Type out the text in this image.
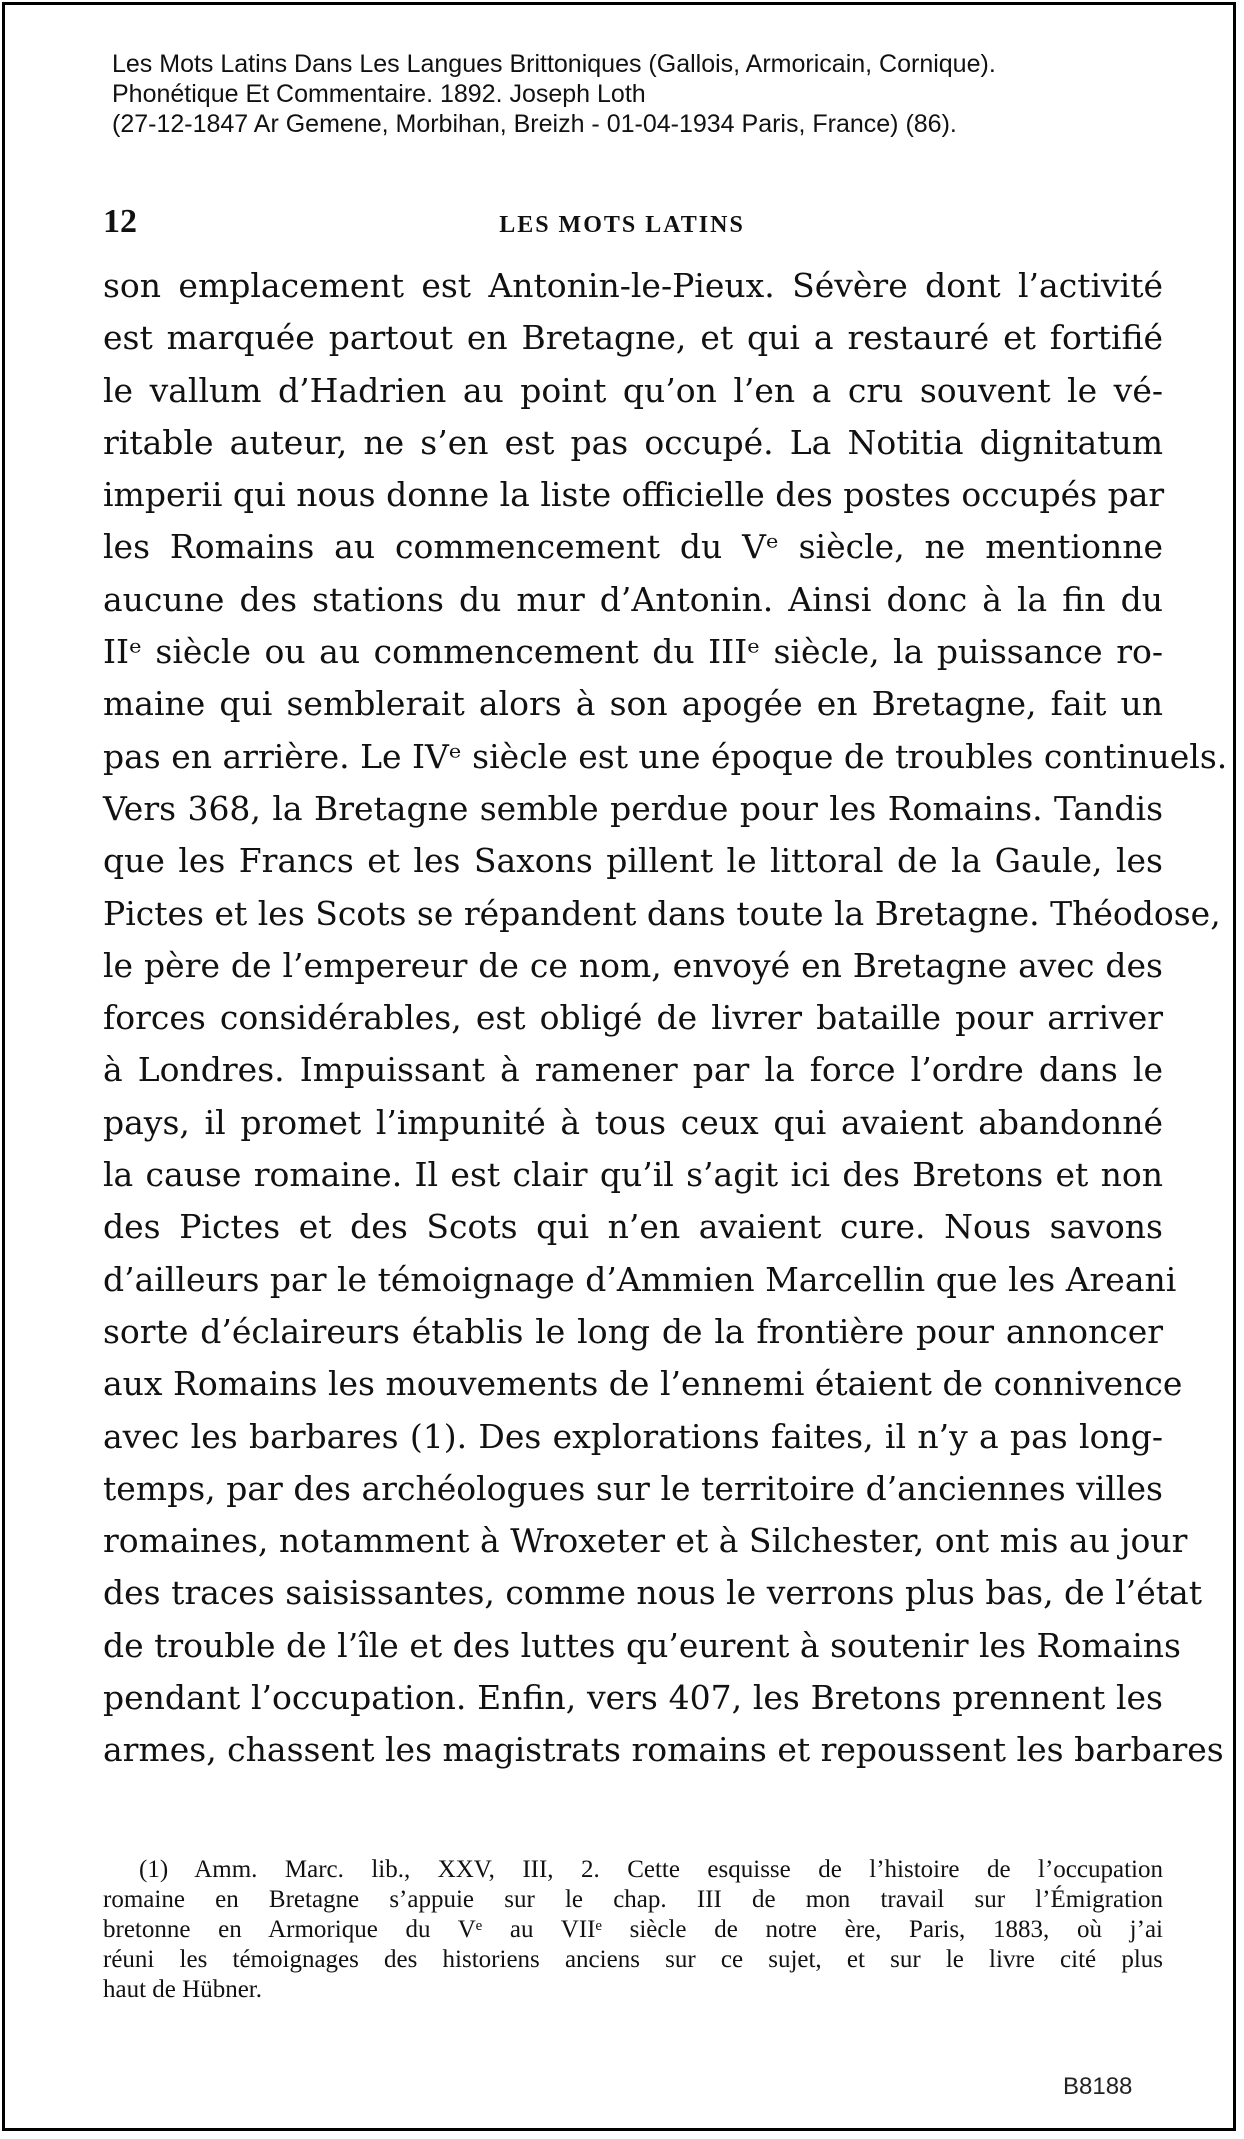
Les Mots Latins Dans Les Langues Brittoniques (Gallois, Armoricain, Cornique).
Phonétique Et Commentaire. 1892. Joseph Loth
(27-12-1847 Ar Gemene, Morbihan, Breizh - 01-04-1934 Paris, France) (86).
12	LES MOTS LATINS
son emplacement est Antonin-le-Pieux. Sévère dont l’activité
est marquée partout en Bretagne, et qui a restauré et fortifié
le vallum d’Hadrien au point qu’on l’en a cru souvent le vé-
ritable auteur, ne s’en est pas occupé. La Notitia dignitatum
imperii qui nous donne la liste officielle des postes occupés par
les Romains au commencement du Vᵉ siècle, ne mentionne
aucune des stations du mur d’Antonin. Ainsi donc à la fin du
IIᵉ siècle ou au commencement du IIIᵉ siècle, la puissance ro-
maine qui semblerait alors à son apogée en Bretagne, fait un
pas en arrière. Le IVᵉ siècle est une époque de troubles continuels.
Vers 368, la Bretagne semble perdue pour les Romains. Tandis
que les Francs et les Saxons pillent le littoral de la Gaule, les
Pictes et les Scots se répandent dans toute la Bretagne. Théodose,
le père de l’empereur de ce nom, envoyé en Bretagne avec des
forces considérables, est obligé de livrer bataille pour arriver
à Londres. Impuissant à ramener par la force l’ordre dans le
pays, il promet l’impunité à tous ceux qui avaient abandonné
la cause romaine. Il est clair qu’il s’agit ici des Bretons et non
des Pictes et des Scots qui n’en avaient cure. Nous savons
d’ailleurs par le témoignage d’Ammien Marcellin que les Areani
sorte d’éclaireurs établis le long de la frontière pour annoncer
aux Romains les mouvements de l’ennemi étaient de connivence
avec les barbares (1). Des explorations faites, il n’y a pas long-
temps, par des archéologues sur le territoire d’anciennes villes
romaines, notamment à Wroxeter et à Silchester, ont mis au jour
des traces saisissantes, comme nous le verrons plus bas, de l’état
de trouble de l’île et des luttes qu’eurent à soutenir les Romains
pendant l’occupation. Enfin, vers 407, les Bretons prennent les
armes, chassent les magistrats romains et repoussent les barbares
(1) Amm. Marc. lib., XXV, III, 2. Cette esquisse de l’histoire de l’occupation
romaine en Bretagne s’appuie sur le chap. III de mon travail sur l’Émigration
bretonne en Armorique du Vᵉ au VIIᵉ siècle de notre ère, Paris, 1883, où j’ai
réuni les témoignages des historiens anciens sur ce sujet, et sur le livre cité plus
haut de Hübner.
B8188
